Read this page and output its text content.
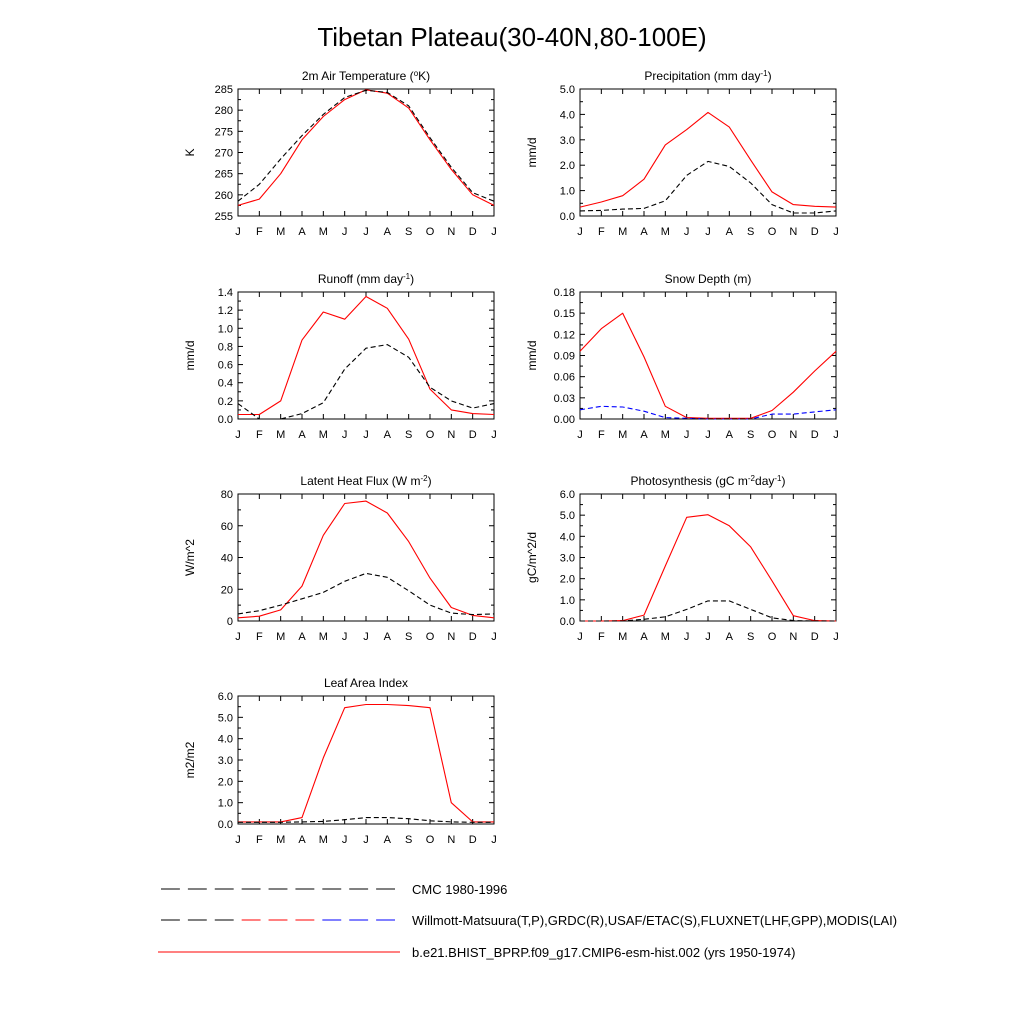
Tibetan Plateau(30-40N,80-100E)
2m Air Temperature ($^o$K)
J F M A M J J A S O N D J
255
260
265
270
275
280
285
K
Precipitation (mm day$^{-1}$)
J F M A M J J A S O N D J
0.0
1.0
2.0
3.0
4.0
5.0
mm/d
Runoff (mm day$^{-1}$)
J F M A M J J A S O N D J
0.0
0.2
0.4
0.6
0.8
1.0
1.2
1.4
mm/d
Snow Depth (m)
J F M A M J J A S O N D J
0.00
0.03
0.06
0.09
0.12
0.15
0.18
mm/d
Latent Heat Flux (W $m^{-2}$)
J F M A M J J A S O N D J
0
20
40
60
80
W/m^2
Photosynthesis (gC $m^{-2}day^{-1}$)
J F M A M J J A S O N D J
0.0
1.0
2.0
3.0
4.0
5.0
6.0
gC/m^2/d
Leaf Area Index
J F M A M J J A S O N D J
0.0
1.0
2.0
3.0
4.0
5.0
6.0
m2/m2
CMC 1980-1996
Willmott-Matsuura(T,P),GRDC(R),USAF/ETAC(S),FLUXNET(LHF,GPP),MODIS(LAI)
b.e21.BHIST_BPRP.f09_g17.CMIP6-esm-hist.002 (yrs 1950-1974)
